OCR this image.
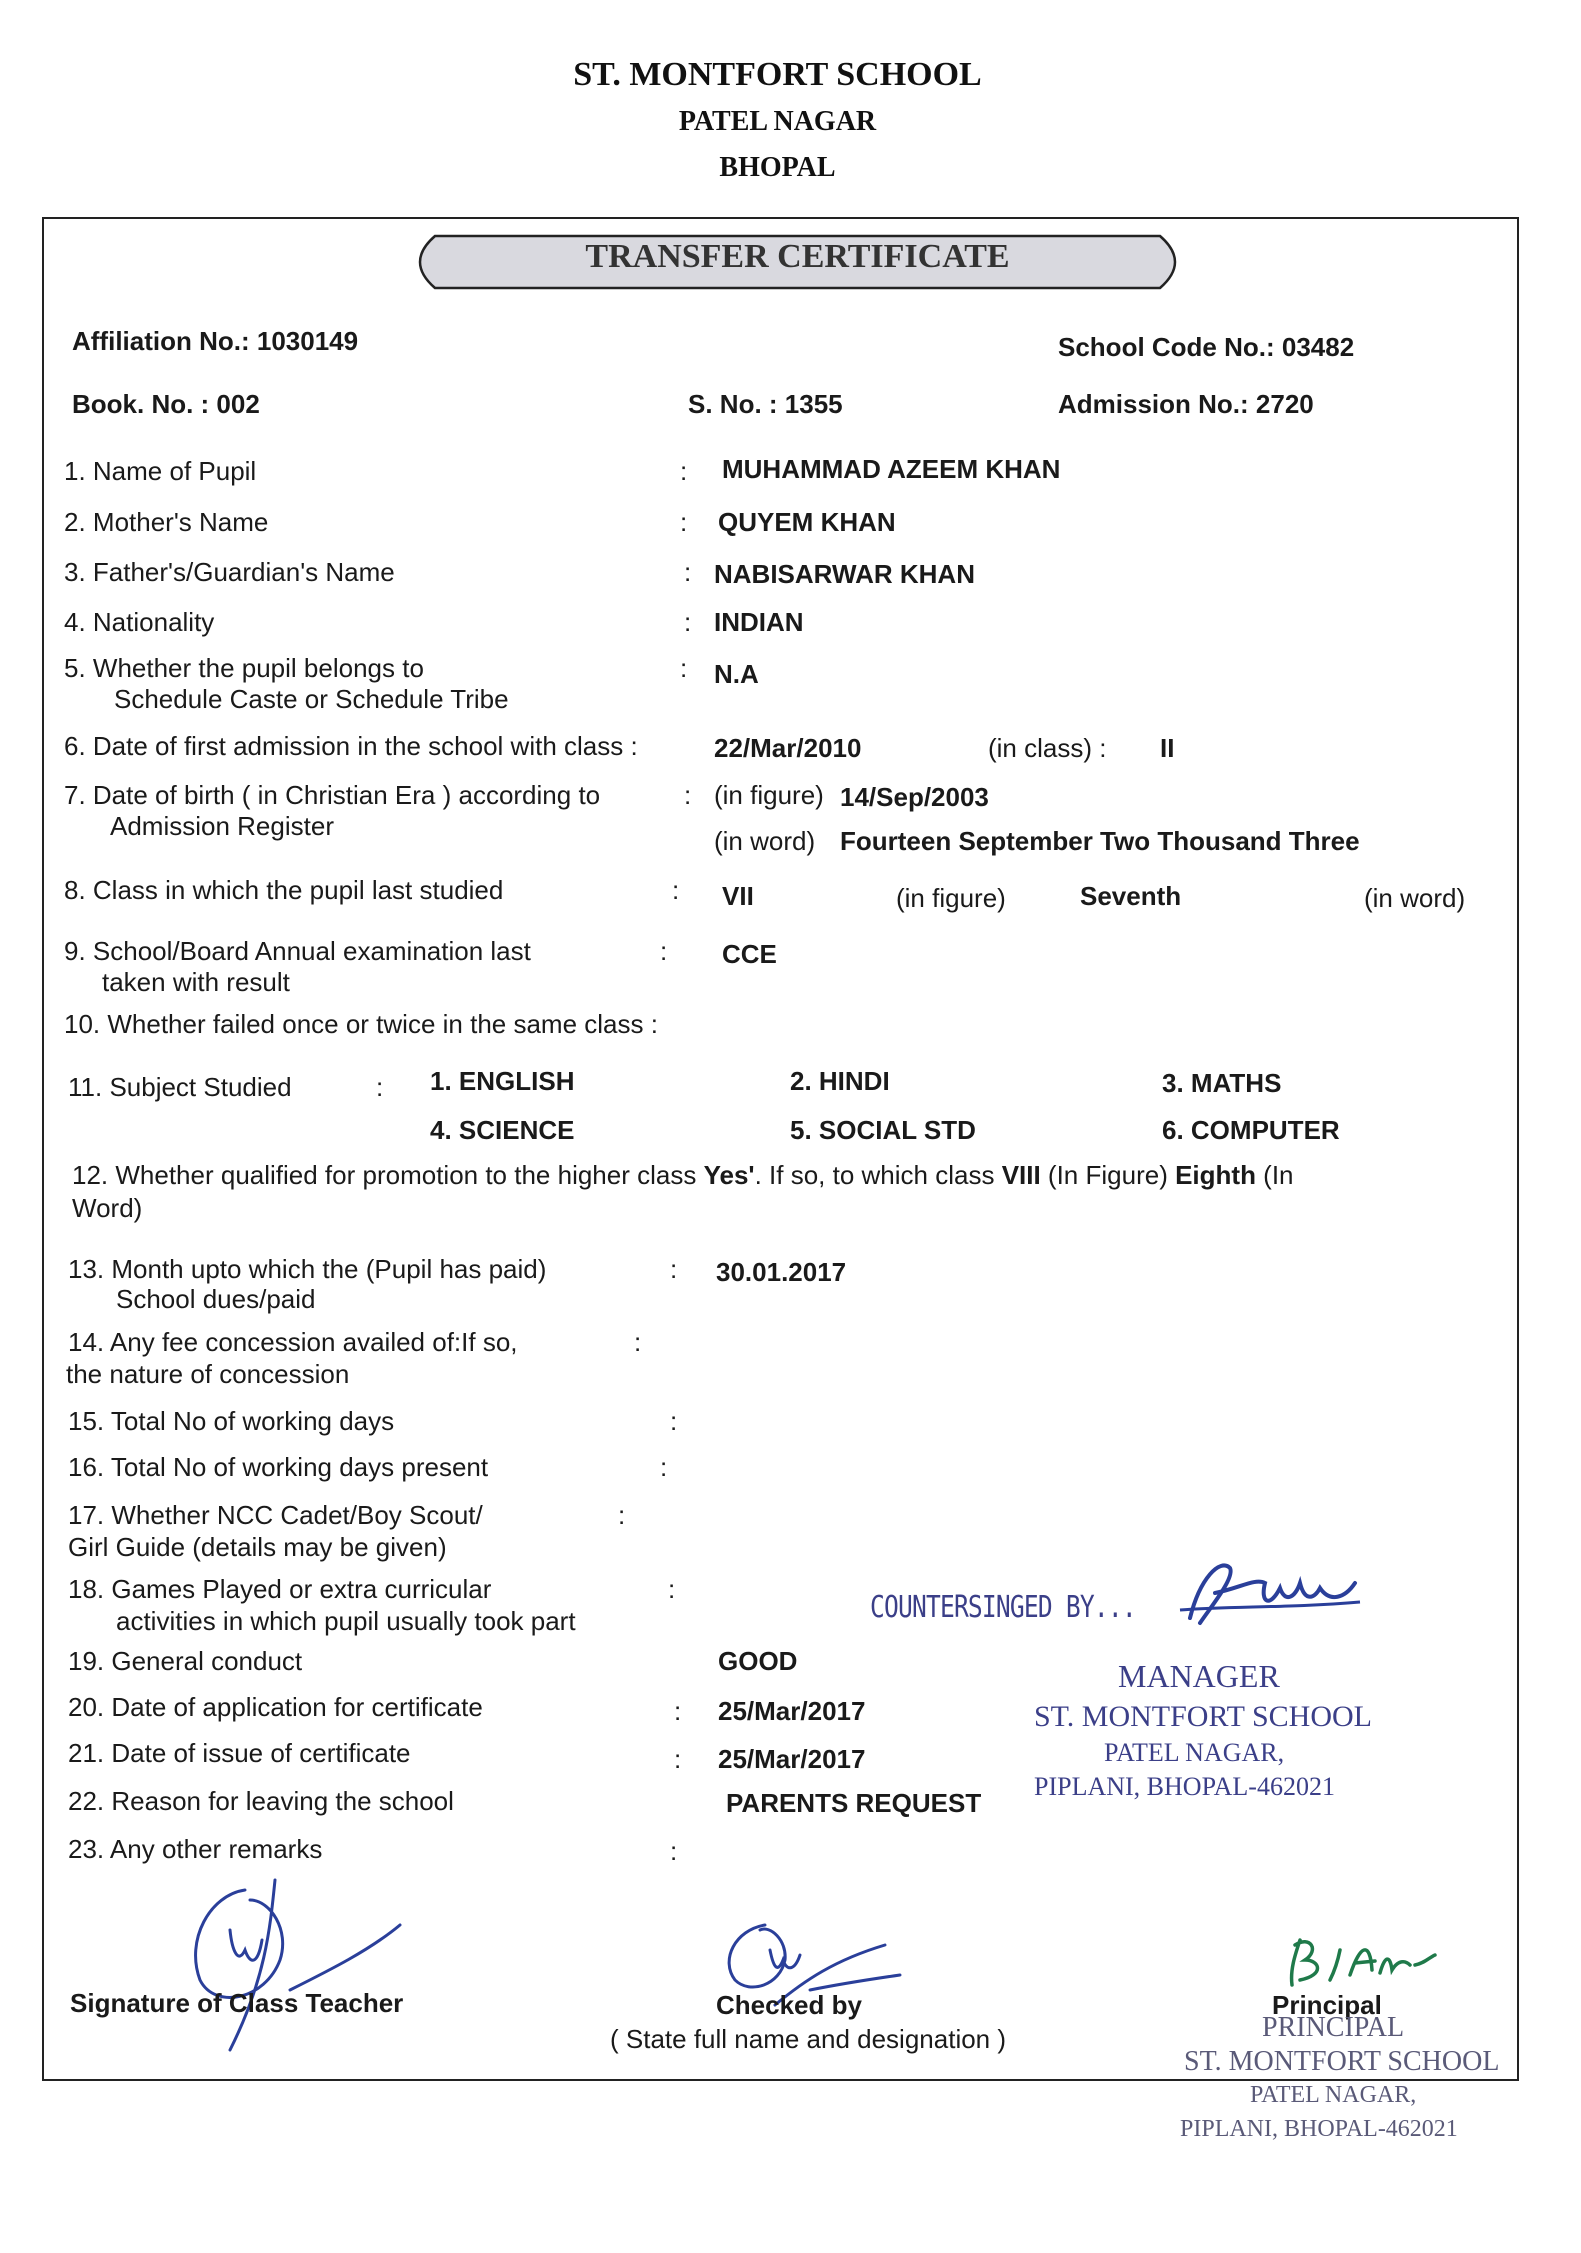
ST. MONTFORT SCHOOL
PATEL NAGAR
BHOPAL
TRANSFER CERTIFICATE
Affiliation No.: 1030149	School Code No.: 03482
Book. No. : 002	S. No. : 1355	Admission No.: 2720
1. Name of Pupil	: MUHAMMAD AZEEM KHAN
2. Mother's Name	: QUYEM KHAN
3. Father's/Guardian's Name	: NABISARWAR KHAN
4. Nationality	: INDIAN
5. Whether the pupil belongs to
Schedule Caste or Schedule Tribe
: N.A
6. Date of first admission in the school with class :	22/Mar/2010	(in class) : II
7. Date of birth ( in Christian Era ) according to
Admission Register
: (in figure) 14/Sep/2003
(in word) Fourteen September Two Thousand Three
8. Class in which the pupil last studied	: VII	(in figure)	Seventh	(in word)
9. School/Board Annual examination last
taken with result
: CCE
10. Whether failed once or twice in the same class :
11. Subject Studied	: 1. ENGLISH	2. HINDI	3. MATHS
4. SCIENCE	5. SOCIAL STD	6. COMPUTER
12. Whether qualified for promotion to the higher class Yes'. If so, to which class VIII (In Figure) Eighth (In
Word)
13. Month upto which the (Pupil has paid)
School dues/paid
: 30.01.2017
14. Any fee concession availed of:If so,
the nature of concession
:
15. Total No of working days	:
16. Total No of working days present	:
17. Whether NCC Cadet/Boy Scout/
Girl Guide (details may be given)
:
18. Games Played or extra curricular
activities in which pupil usually took part
:
19. General conduct	GOOD
20. Date of application for certificate	: 25/Mar/2017
21. Date of issue of certificate	: 25/Mar/2017
22. Reason for leaving the school	PARENTS REQUEST
23. Any other remarks	:
COUNTERSINGED BY...
MANAGER
ST. MONTFORT SCHOOL
PATEL NAGAR,
PIPLANI, BHOPAL-462021
Signature of Class Teacher	Checked by
( State full name and designation )
Principal
PRINCIPAL
ST. MONTFORT SCHOOL
PATEL NAGAR,
PIPLANI, BHOPAL-462021
